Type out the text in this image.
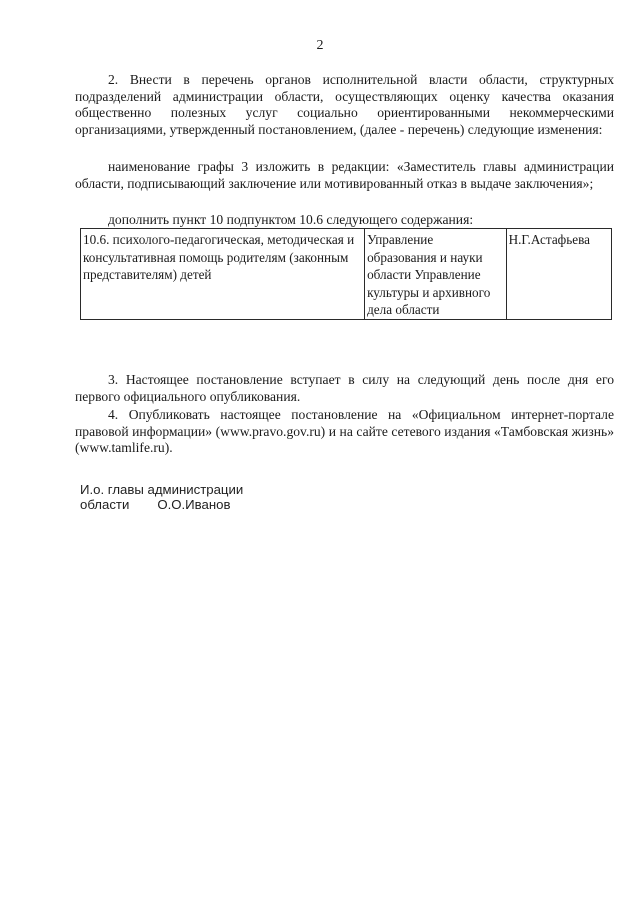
2

2. Внести в перечень органов исполнительной власти области, структурных подразделений администрации области, осуществляющих оценку качества оказания общественно полезных услуг социально ориентированными некоммерческими организациями, утвержденный постановлением, (далее - перечень) следующие изменения:

наименование графы 3 изложить в редакции: «Заместитель главы администрации области, подписывающий заключение или мотивированный отказ в выдаче заключения»;

дополнить пункт 10 подпунктом 10.6 следующего содержания:

10.6. психолого-педагогическая, методическая и консультативная помощь родителям (законным представителям) детей	Управление образования и науки области Управление культуры и архивного дела области	Н.Г.Астафьева

3. Настоящее постановление вступает в силу на следующий день после дня его первого официального опубликования.

4. Опубликовать настоящее постановление на «Официальном интернет-портале правовой информации» (www.pravo.gov.ru) и на сайте сетевого издания «Тамбовская жизнь» (www.tamlife.ru).

И.о. главы администрации
области О.О.Иванов
